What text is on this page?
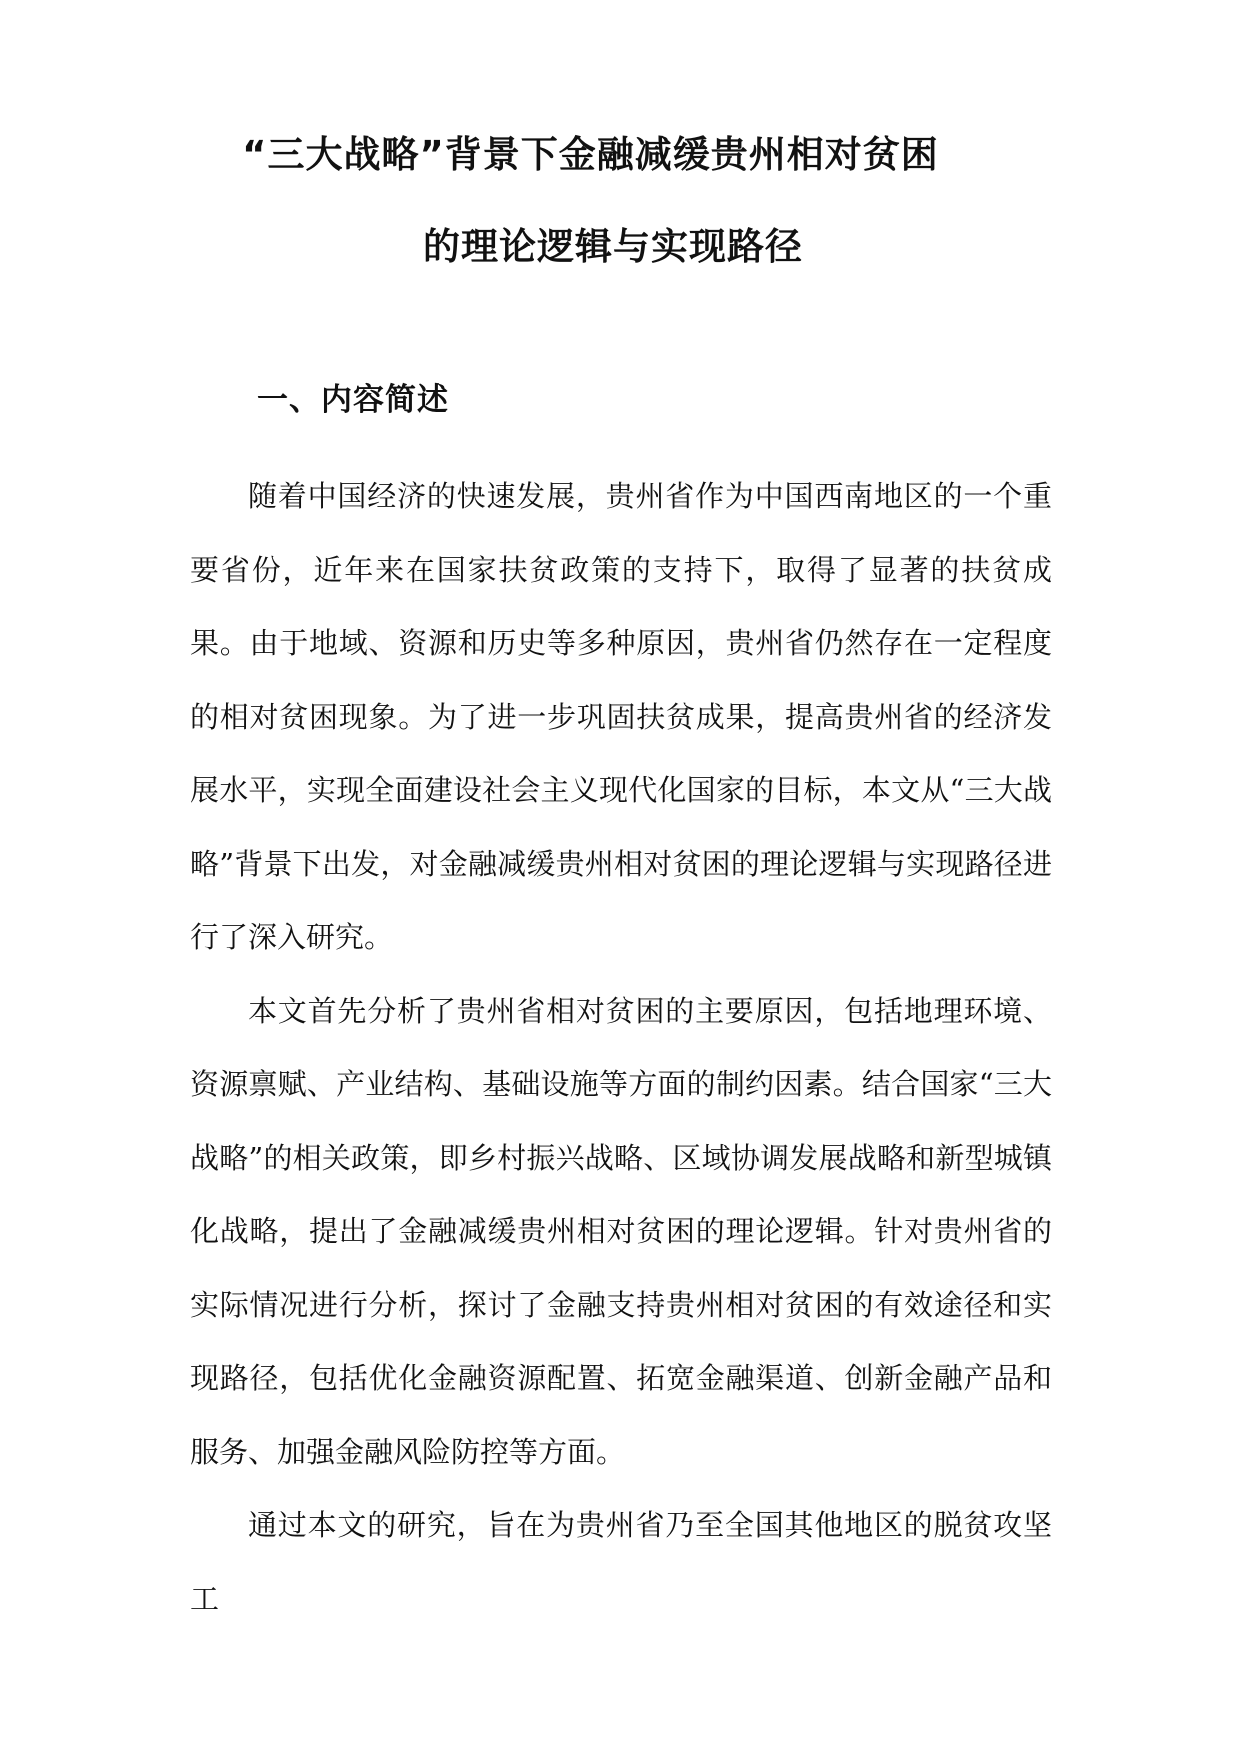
“三大战略”背景下金融减缓贵州相对贫困
的理论逻辑与实现路径
一、内容简述

随着中国经济的快速发展，贵州省作为中国西南地区的一个重要省份，近年来在国家扶贫政策的支持下，取得了显著的扶贫成果。由于地域、资源和历史等多种原因，贵州省仍然存在一定程度的相对贫困现象。为了进一步巩固扶贫成果，提高贵州省的经济发展水平，实现全面建设社会主义现代化国家的目标，本文从“三大战略”背景下出发，对金融减缓贵州相对贫困的理论逻辑与实现路径进行了深入研究。

本文首先分析了贵州省相对贫困的主要原因，包括地理环境、资源禀赋、产业结构、基础设施等方面的制约因素。结合国家“三大战略”的相关政策，即乡村振兴战略、区域协调发展战略和新型城镇化战略，提出了金融减缓贵州相对贫困的理论逻辑。针对贵州省的实际情况进行分析，探讨了金融支持贵州相对贫困的有效途径和实现路径，包括优化金融资源配置、拓宽金融渠道、创新金融产品和服务、加强金融风险防控等方面。

通过本文的研究，旨在为贵州省乃至全国其他地区的脱贫攻坚工
